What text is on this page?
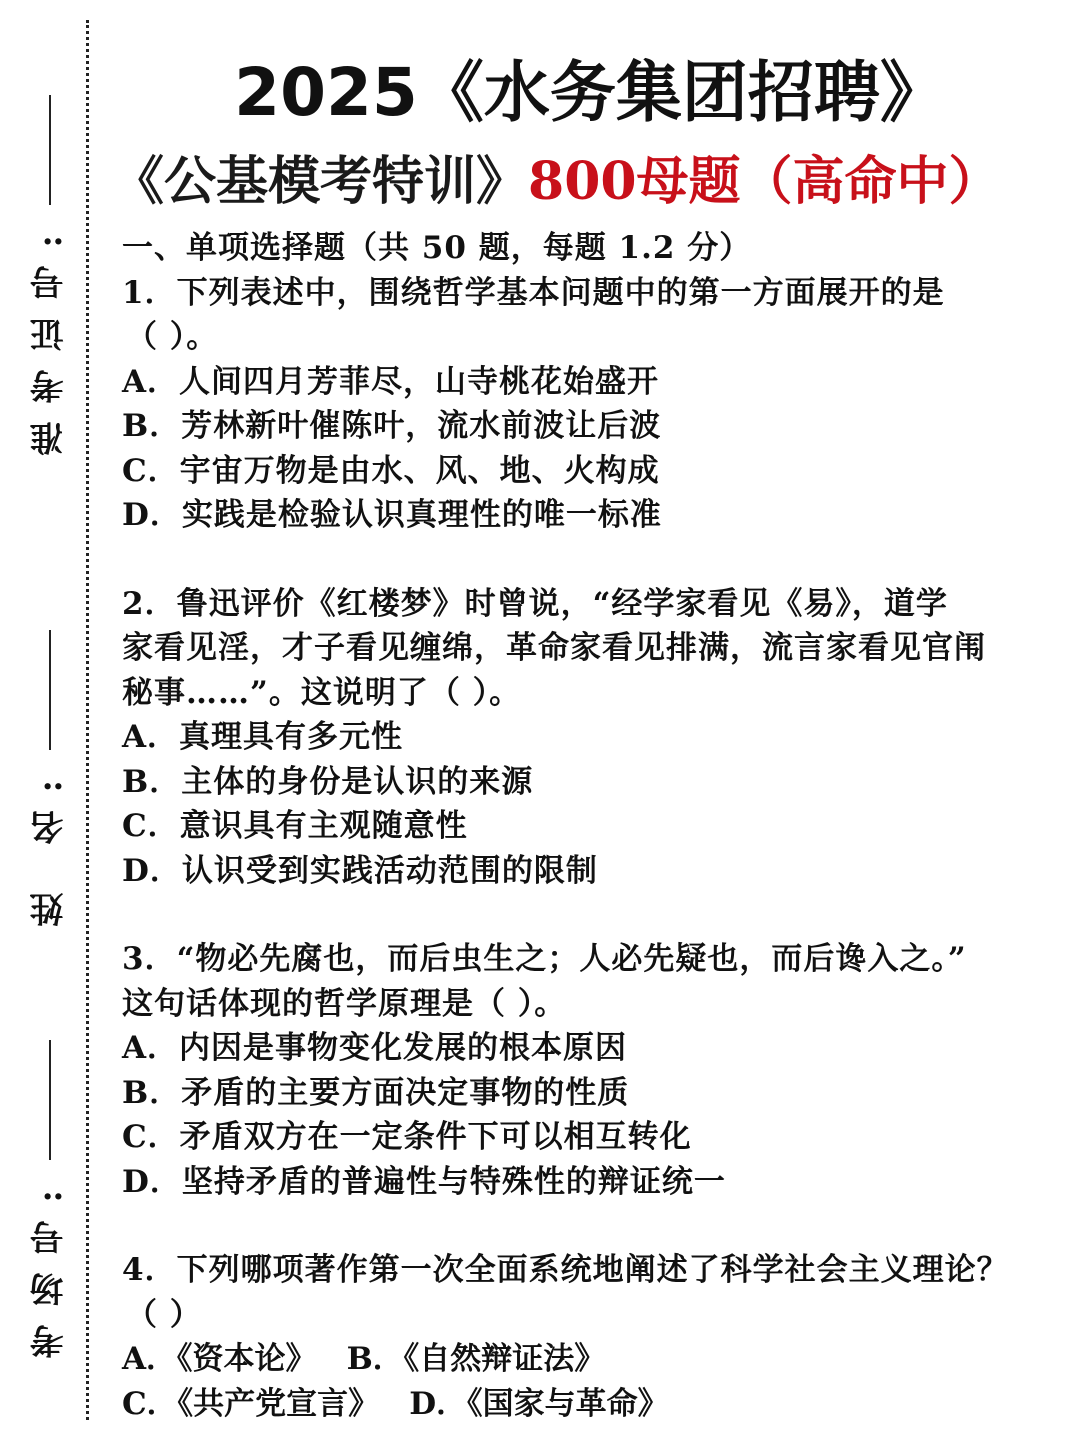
准考证号:
姓 名:
考场号:
2025《水务集团招聘》
《公基模考特训》800母题（高命中）
一、单项选择题（共 50 题，每题 1.2 分）
1．下列表述中，围绕哲学基本问题中的第一方面展开的是
（ ）。
A．人间四月芳菲尽，山寺桃花始盛开
B．芳林新叶催陈叶，流水前波让后波
C．宇宙万物是由水、风、地、火构成
D．实践是检验认识真理性的唯一标准
2．鲁迅评价《红楼梦》时曾说，“经学家看见《易》，道学
家看见淫，才子看见缠绵，革命家看见排满，流言家看见官闱
秘事……”。这说明了（ ）。
A．真理具有多元性
B．主体的身份是认识的来源
C．意识具有主观随意性
D．认识受到实践活动范围的限制
3．“物必先腐也，而后虫生之；人必先疑也，而后谗入之。”
这句话体现的哲学原理是（ ）。
A．内因是事物变化发展的根本原因
B．矛盾的主要方面决定事物的性质
C．矛盾双方在一定条件下可以相互转化
D．坚持矛盾的普遍性与特殊性的辩证统一
4．下列哪项著作第一次全面系统地阐述了科学社会主义理论？
（ ）
A．《资本论》 B．《自然辩证法》
C．《共产党宣言》 D．《国家与革命》
